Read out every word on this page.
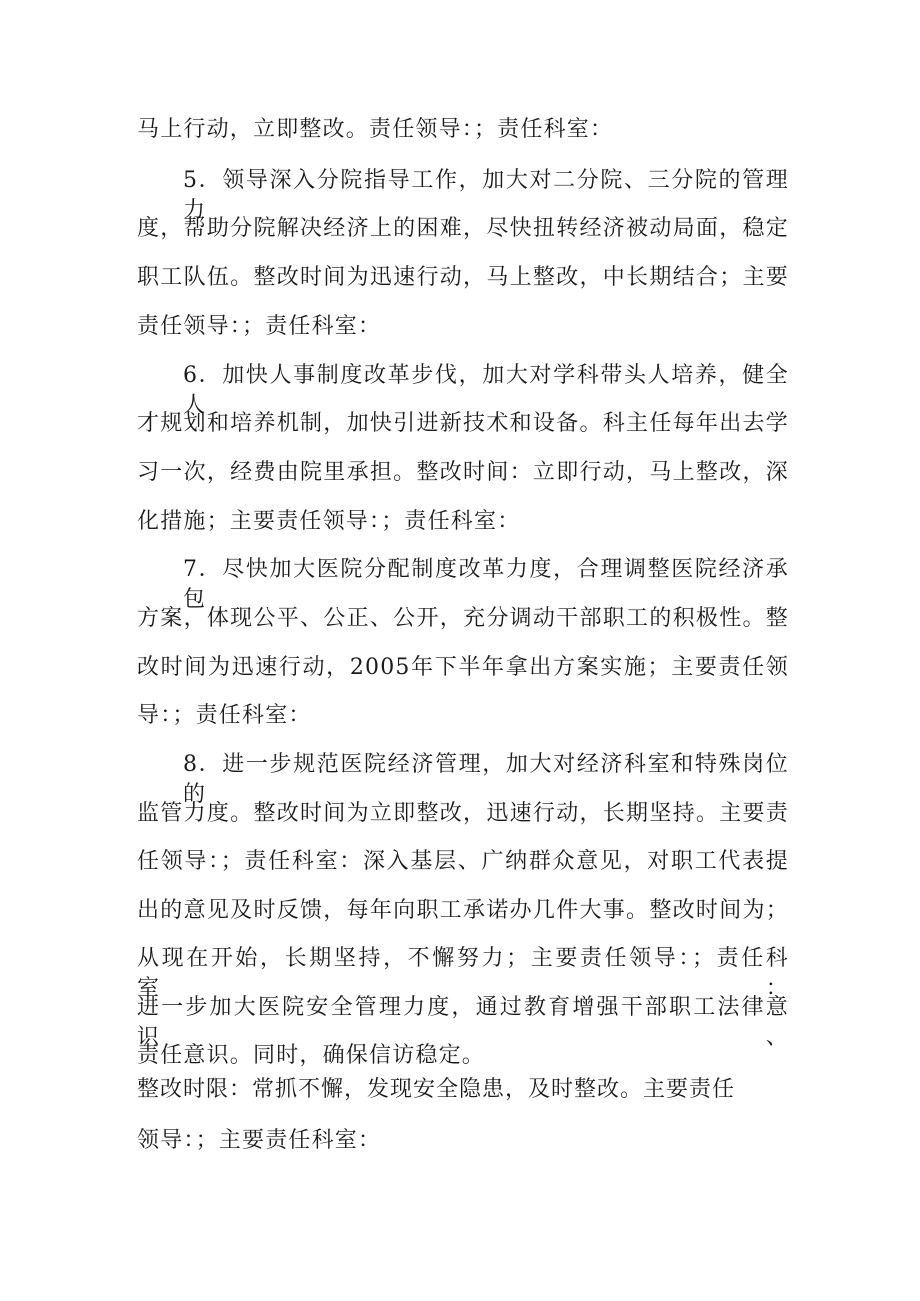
马上行动，立即整改。责任领导：；责任科室：
5．领导深入分院指导工作，加大对二分院、三分院的管理力
度，帮助分院解决经济上的困难，尽快扭转经济被动局面，稳定
职工队伍。整改时间为迅速行动，马上整改，中长期结合；主要
责任领导：；责任科室：
6．加快人事制度改革步伐，加大对学科带头人培养，健全人
才规划和培养机制，加快引进新技术和设备。科主任每年出去学
习一次，经费由院里承担。整改时间：立即行动，马上整改，深
化措施；主要责任领导：；责任科室：
7．尽快加大医院分配制度改革力度，合理调整医院经济承包
方案，体现公平、公正、公开，充分调动干部职工的积极性。整
改时间为迅速行动，2005年下半年拿出方案实施；主要责任领
导：；责任科室：
8．进一步规范医院经济管理，加大对经济科室和特殊岗位的
监管力度。整改时间为立即整改，迅速行动，长期坚持。主要责
任领导：；责任科室：深入基层、广纳群众意见，对职工代表提
出的意见及时反馈，每年向职工承诺办几件大事。整改时间为；
从现在开始，长期坚持，不懈努力；主要责任领导：；责任科室：
进一步加大医院安全管理力度，通过教育增强干部职工法律意识、
责任意识。同时，确保信访稳定。
整改时限：常抓不懈，发现安全隐患，及时整改。主要责任
领导：；主要责任科室：
